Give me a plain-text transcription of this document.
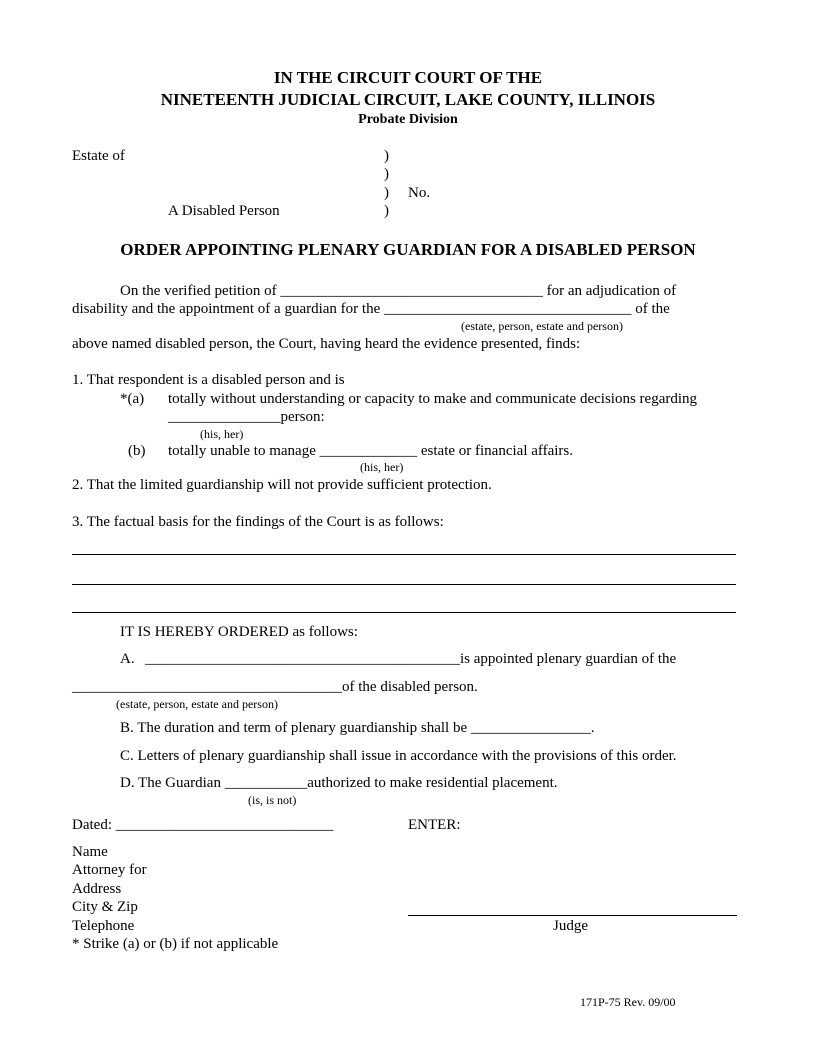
IN THE CIRCUIT COURT OF THE
NINETEENTH JUDICIAL CIRCUIT, LAKE COUNTY, ILLINOIS
Probate Division
Estate of
A Disabled Person
)
)
)
)
No.
ORDER APPOINTING PLENARY GUARDIAN FOR A DISABLED PERSON
On the verified petition of ___________________________________ for an adjudication of
disability and the appointment of a guardian for the _________________________________ of the
(estate, person, estate and person)
above named disabled person, the Court, having heard the evidence presented, finds:
1. That respondent is a disabled person and is
*(a) totally without understanding or capacity to make and communicate decisions regarding
_______________person:
(his, her)
(b) totally unable to manage _____________ estate or financial affairs.
(his, her)
2. That the limited guardianship will not provide sufficient protection.
3. The factual basis for the findings of the Court is as follows:
IT IS HEREBY ORDERED as follows:
A. __________________________________________is appointed plenary guardian of the
____________________________________of the disabled person.
(estate, person, estate and person)
B. The duration and term of plenary guardianship shall be ________________.
C. Letters of plenary guardianship shall issue in accordance with the provisions of this order.
D. The Guardian ___________authorized to make residential placement.
(is, is not)
Dated: _____________________________	ENTER:
Name
Attorney for
Address
City & Zip
Telephone
* Strike (a) or (b) if not applicable
Judge
171P-75 Rev. 09/00
